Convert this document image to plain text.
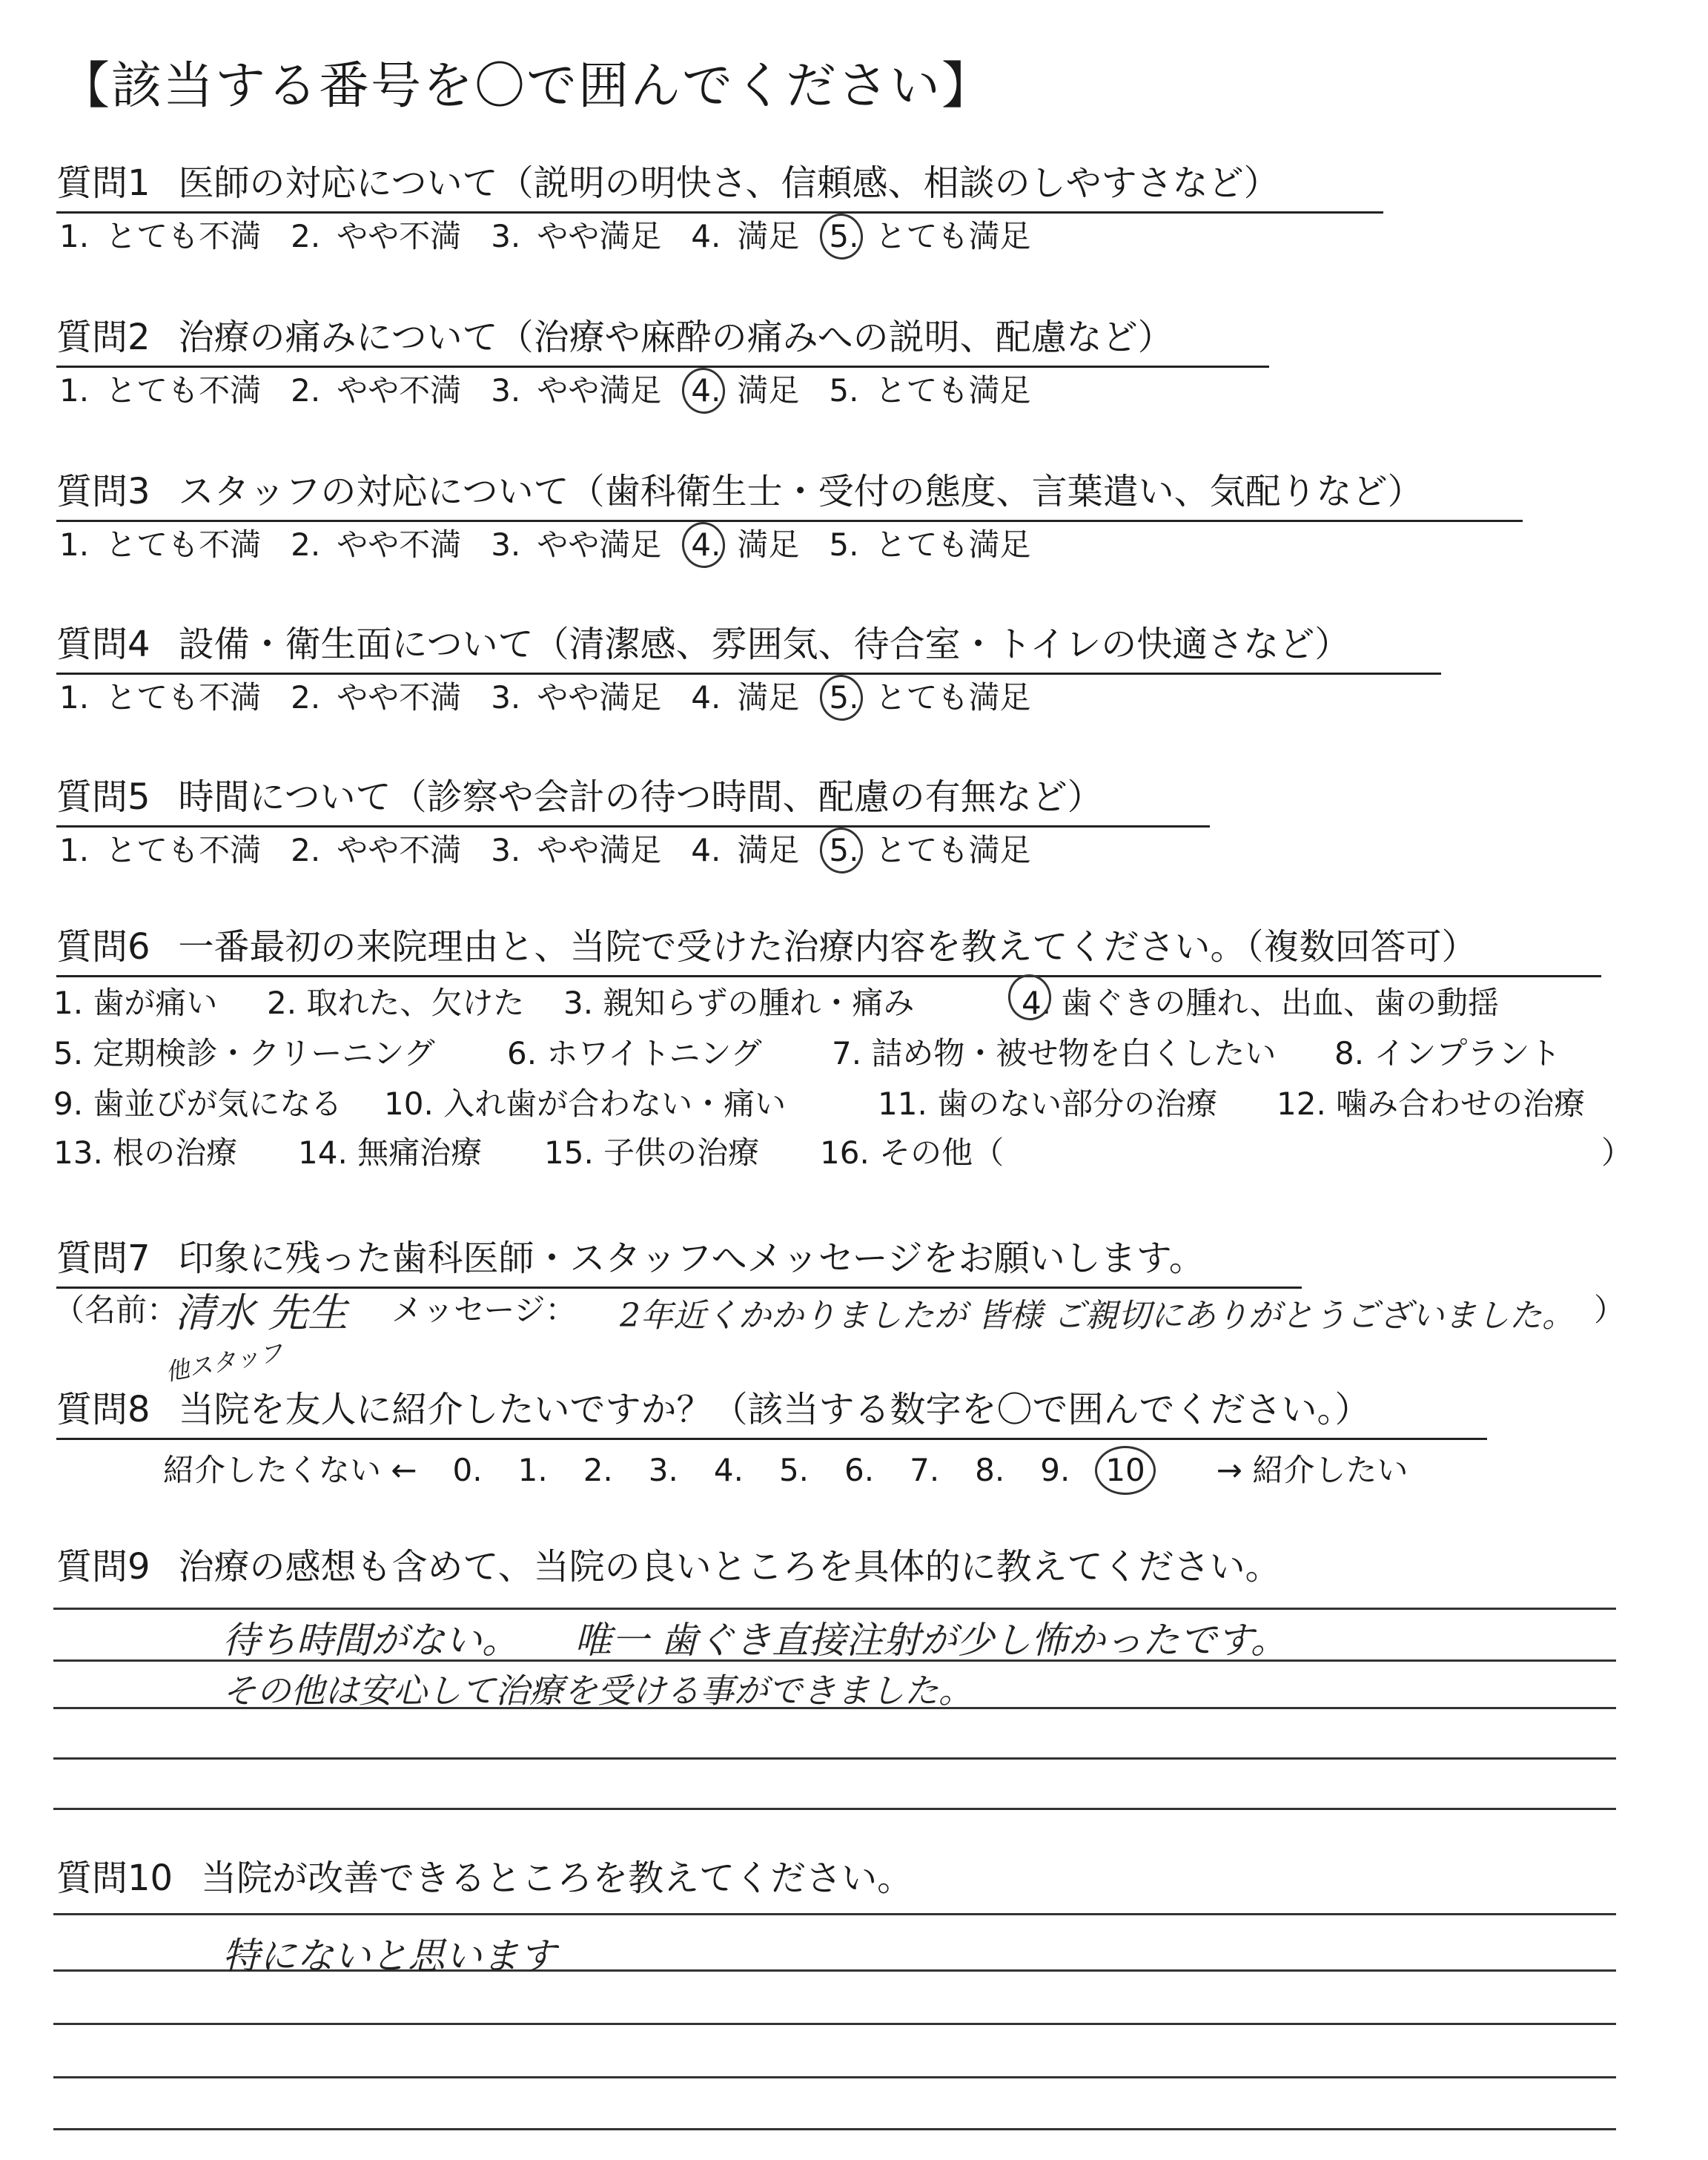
【該当する番号を〇で囲んでください】
質問1 医師の対応について（説明の明快さ、信頼感、相談のしやすさなど）
1. とても不満 2. やや不満 3. やや満足 4. 満足 5. とても満足
質問2 治療の痛みについて（治療や麻酔の痛みへの説明、配慮など）
1. とても不満 2. やや不満 3. やや満足 4. 満足 5. とても満足
質問3 スタッフの対応について（歯科衛生士・受付の態度、言葉遣い、気配りなど）
1. とても不満 2. やや不満 3. やや満足 4. 満足 5. とても満足
質問4 設備・衛生面について（清潔感、雰囲気、待合室・トイレの快適さなど）
1. とても不満 2. やや不満 3. やや満足 4. 満足 5. とても満足
質問5 時間について（診察や会計の待つ時間、配慮の有無など）
1. とても不満 2. やや不満 3. やや満足 4. 満足 5. とても満足
質問6 一番最初の来院理由と、当院で受けた治療内容を教えてください。（複数回答可）
1. 歯が痛い 2. 取れた、欠けた 3. 親知らずの腫れ・痛み	4. 歯ぐきの腫れ、出血、歯の動揺
5. 定期検診・クリーニング 6. ホワイトニング 7. 詰め物・被せ物を白くしたい 8. インプラント
9. 歯並びが気になる 10. 入れ歯が合わない・痛い	11. 歯のない部分の治療 12. 噛み合わせの治療
13. 根の治療 14. 無痛治療 15. 子供の治療 16. その他（	）
質問7 印象に残った歯科医師・スタッフへメッセージをお願いします。
（名前：
清水 先生
他スタッフ
メッセージ： 2年近くかかりましたが 皆様 ご親切にありがとうございました。 ）
質問8 当院を友人に紹介したいですか？（該当する数字を〇で囲んでください。）
紹介したくない ← 0. 1. 2. 3. 4. 5. 6. 7. 8. 9. 10 → 紹介したい
質問9 治療の感想も含めて、当院の良いところを具体的に教えてください。
待ち時間がない。　　唯一 歯ぐき直接注射が少し怖かったです。
その他は安心して治療を受ける事ができました。
質問10 当院が改善できるところを教えてください。
特にないと思います
